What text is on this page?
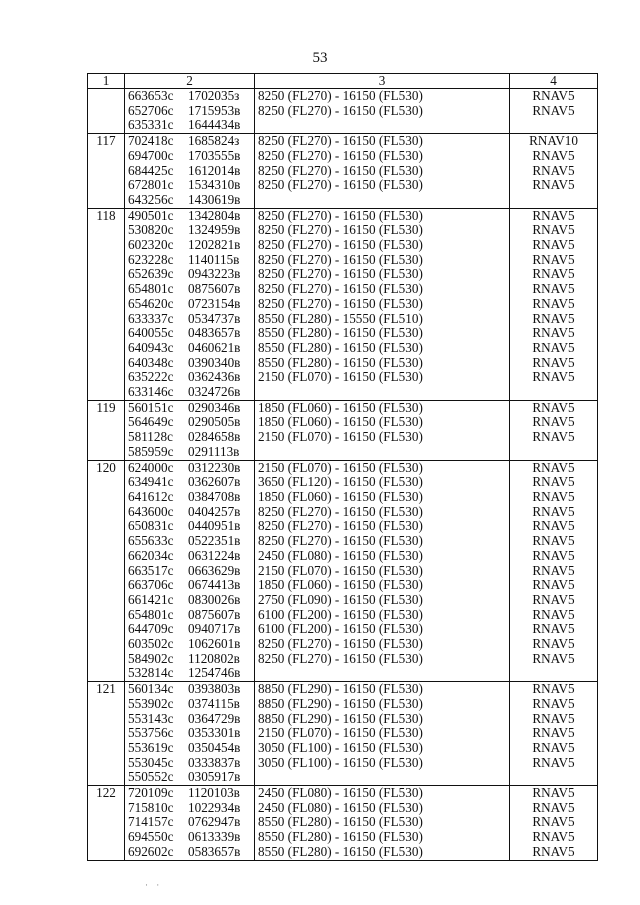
53
1	2	3	4
	663653с 1702035з	8250 (FL270) - 16150 (FL530)	RNAV5
	652706с 1715953в	8250 (FL270) - 16150 (FL530)	RNAV5
	635331с 1644434в		
117	702418с 1685824з	8250 (FL270) - 16150 (FL530)	RNAV10
	694700с 1703555в	8250 (FL270) - 16150 (FL530)	RNAV5
	684425с 1612014в	8250 (FL270) - 16150 (FL530)	RNAV5
	672801с 1534310в	8250 (FL270) - 16150 (FL530)	RNAV5
	643256с 1430619в		
118	490501с 1342804в	8250 (FL270) - 16150 (FL530)	RNAV5
	530820с 1324959в	8250 (FL270) - 16150 (FL530)	RNAV5
	602320с 1202821в	8250 (FL270) - 16150 (FL530)	RNAV5
	623228с 1140115в	8250 (FL270) - 16150 (FL530)	RNAV5
	652639с 0943223в	8250 (FL270) - 16150 (FL530)	RNAV5
	654801с 0875607в	8250 (FL270) - 16150 (FL530)	RNAV5
	654620с 0723154в	8250 (FL270) - 16150 (FL530)	RNAV5
	633337с 0534737в	8550 (FL280) - 15550 (FL510)	RNAV5
	640055с 0483657в	8550 (FL280) - 16150 (FL530)	RNAV5
	640943с 0460621в	8550 (FL280) - 16150 (FL530)	RNAV5
	640348с 0390340в	8550 (FL280) - 16150 (FL530)	RNAV5
	635222с 0362436в	2150 (FL070) - 16150 (FL530)	RNAV5
	633146с 0324726в		
119	560151с 0290346в	1850 (FL060) - 16150 (FL530)	RNAV5
	564649с 0290505в	1850 (FL060) - 16150 (FL530)	RNAV5
	581128с 0284658в	2150 (FL070) - 16150 (FL530)	RNAV5
	585959с 0291113в		
120	624000с 0312230в	2150 (FL070) - 16150 (FL530)	RNAV5
	634941с 0362607в	3650 (FL120) - 16150 (FL530)	RNAV5
	641612с 0384708в	1850 (FL060) - 16150 (FL530)	RNAV5
	643600с 0404257в	8250 (FL270) - 16150 (FL530)	RNAV5
	650831с 0440951в	8250 (FL270) - 16150 (FL530)	RNAV5
	655633с 0522351в	8250 (FL270) - 16150 (FL530)	RNAV5
	662034с 0631224в	2450 (FL080) - 16150 (FL530)	RNAV5
	663517с 0663629в	2150 (FL070) - 16150 (FL530)	RNAV5
	663706с 0674413в	1850 (FL060) - 16150 (FL530)	RNAV5
	661421с 0830026в	2750 (FL090) - 16150 (FL530)	RNAV5
	654801с 0875607в	6100 (FL200) - 16150 (FL530)	RNAV5
	644709с 0940717в	6100 (FL200) - 16150 (FL530)	RNAV5
	603502с 1062601в	8250 (FL270) - 16150 (FL530)	RNAV5
	584902с 1120802в	8250 (FL270) - 16150 (FL530)	RNAV5
	532814с 1254746в		
121	560134с 0393803в	8850 (FL290) - 16150 (FL530)	RNAV5
	553902с 0374115в	8850 (FL290) - 16150 (FL530)	RNAV5
	553143с 0364729в	8850 (FL290) - 16150 (FL530)	RNAV5
	553756с 0353301в	2150 (FL070) - 16150 (FL530)	RNAV5
	553619с 0350454в	3050 (FL100) - 16150 (FL530)	RNAV5
	553045с 0333837в	3050 (FL100) - 16150 (FL530)	RNAV5
	550552с 0305917в		
122	720109с 1120103в	2450 (FL080) - 16150 (FL530)	RNAV5
	715810с 1022934в	2450 (FL080) - 16150 (FL530)	RNAV5
	714157с 0762947в	8550 (FL280) - 16150 (FL530)	RNAV5
	694550с 0613339в	8550 (FL280) - 16150 (FL530)	RNAV5
	692602с 0583657в	8550 (FL280) - 16150 (FL530)	RNAV5
· ·
